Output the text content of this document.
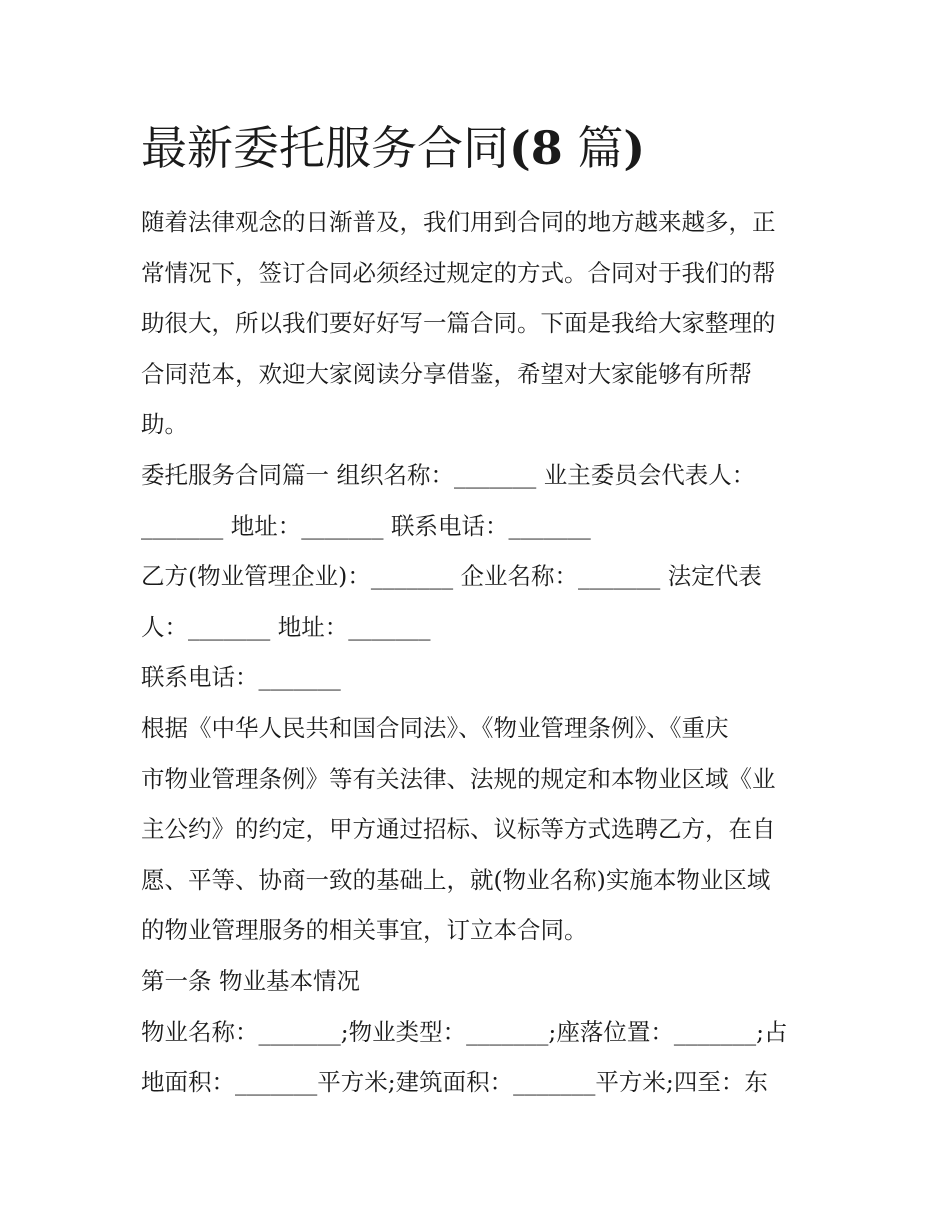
最新委托服务合同(8 篇)
随着法律观念的日渐普及，我们用到合同的地方越来越多，正
常情况下，签订合同必须经过规定的方式。合同对于我们的帮
助很大，所以我们要好好写一篇合同。下面是我给大家整理的
合同范本，欢迎大家阅读分享借鉴，希望对大家能够有所帮
助。
委托服务合同篇一 组织名称：_______ 业主委员会代表人：
_______ 地址：_______ 联系电话：_______
乙方(物业管理企业)：_______ 企业名称：_______ 法定代表
人：_______ 地址：_______
联系电话：_______
根据《中华人民共和国合同法》、《物业管理条例》、《重庆
市物业管理条例》等有关法律、法规的规定和本物业区域《业
主公约》的约定，甲方通过招标、议标等方式选聘乙方，在自
愿、平等、协商一致的基础上，就(物业名称)实施本物业区域
的物业管理服务的相关事宜，订立本合同。
第一条 物业基本情况
物业名称：_______;物业类型：_______;座落位置：_______;占
地面积：_______平方米;建筑面积：_______平方米;四至：东
